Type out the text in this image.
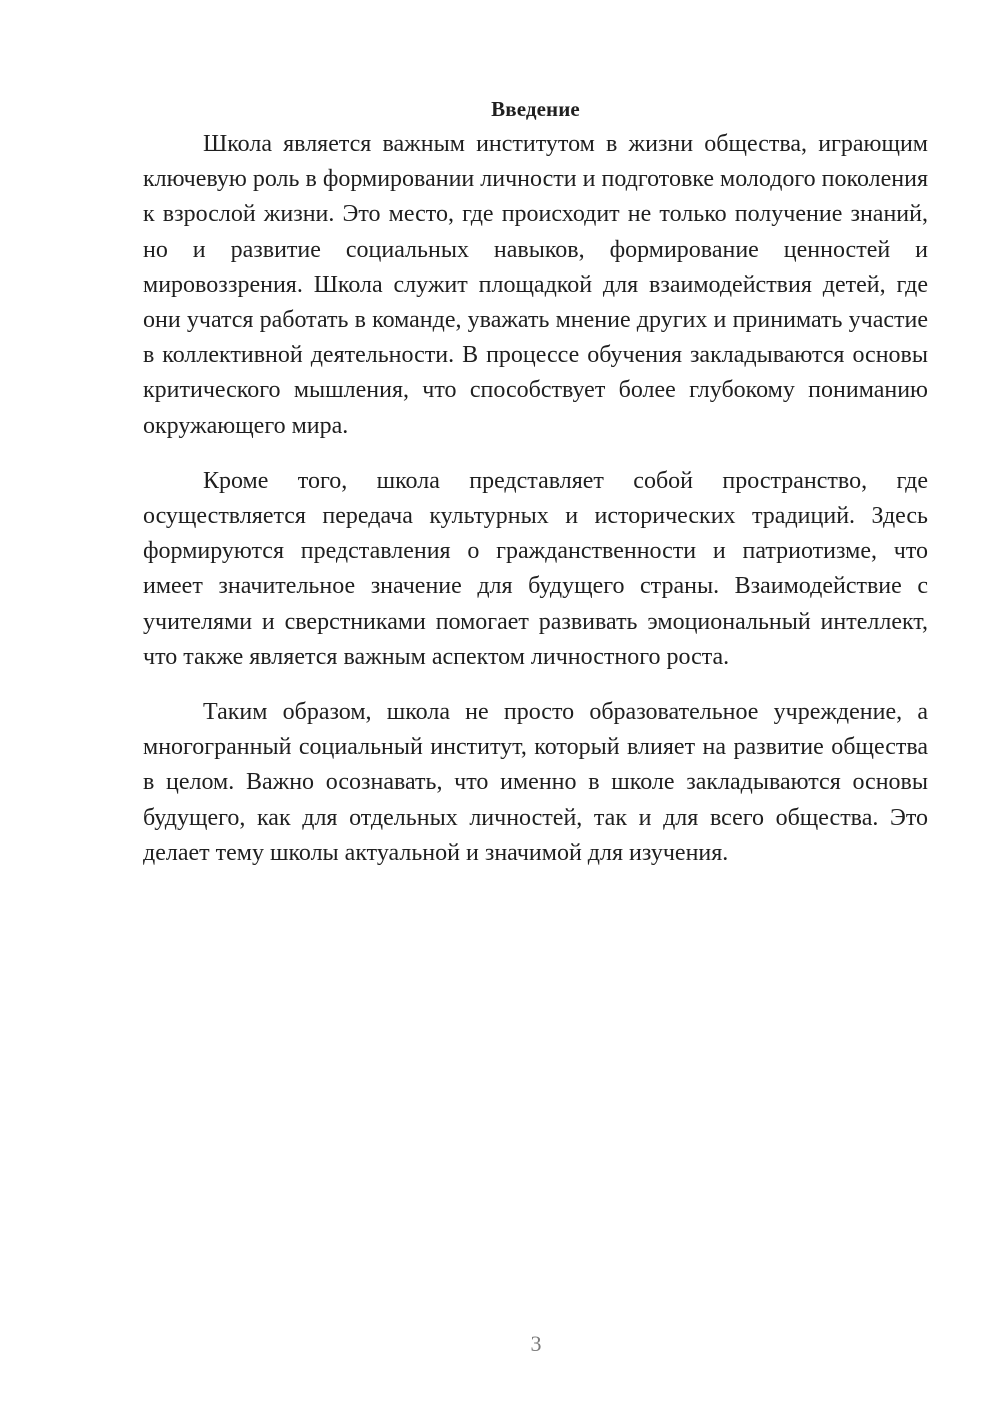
Введение

Школа является важным институтом в жизни общества, играющим ключевую роль в формировании личности и подготовке молодого поколения к взрослой жизни. Это место, где происходит не только получение знаний, но и развитие социальных навыков, формирование ценностей и мировоззрения. Школа служит площадкой для взаимодействия детей, где они учатся работать в команде, уважать мнение других и принимать участие в коллективной деятельности. В процессе обучения закладываются основы критического мышления, что способствует более глубокому пониманию окружающего мира.

Кроме того, школа представляет собой пространство, где осуществляется передача культурных и исторических традиций. Здесь формируются представления о гражданственности и патриотизме, что имеет значительное значение для будущего страны. Взаимодействие с учителями и сверстниками помогает развивать эмоциональный интеллект, что также является важным аспектом личностного роста.

Таким образом, школа не просто образовательное учреждение, а многогранный социальный институт, который влияет на развитие общества в целом. Важно осознавать, что именно в школе закладываются основы будущего, как для отдельных личностей, так и для всего общества. Это делает тему школы актуальной и значимой для изучения.

3
